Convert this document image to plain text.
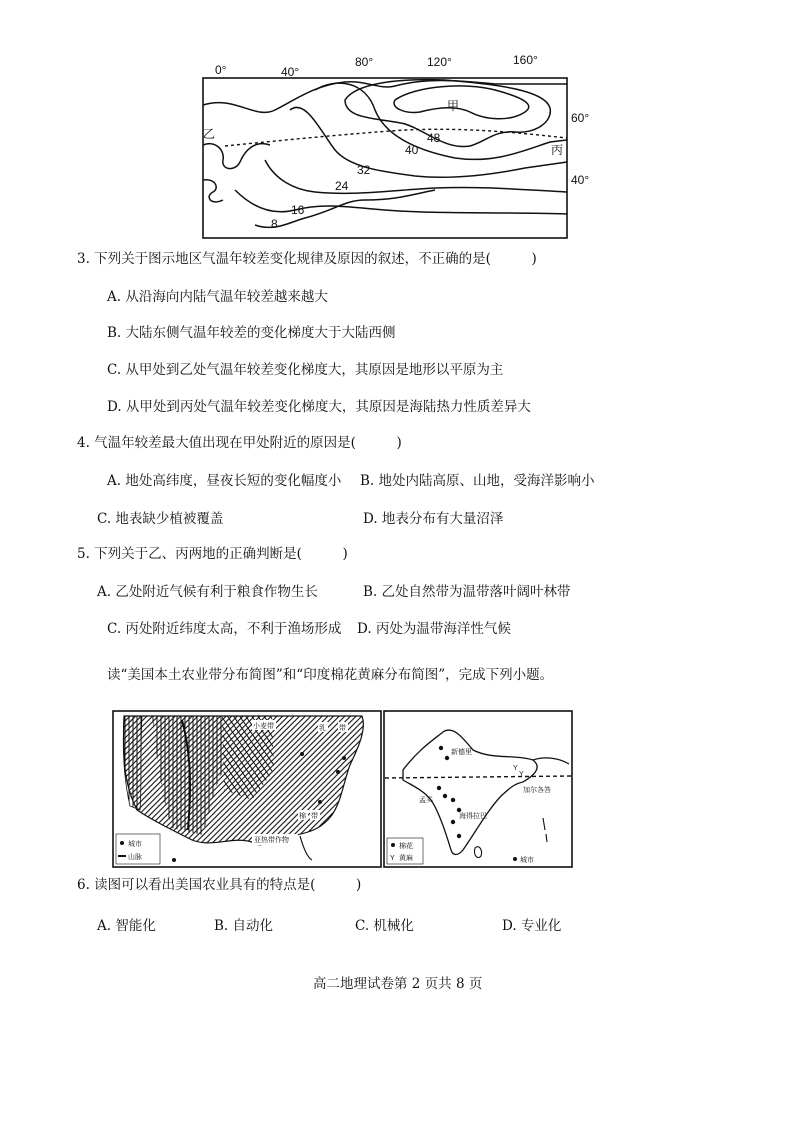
0°	40°
80°	120°	160°
60°
40°
甲
乙
丙
48
40
32
24
16
8
3. 下列关于图示地区气温年较差变化规律及原因的叙述，不正确的是(　　　)
A. 从沿海向内陆气温年较差越来越大
B. 大陆东侧气温年较差的变化梯度大于大陆西侧
C. 从甲处到乙处气温年较差变化梯度大，其原因是地形以平原为主
D. 从甲处到丙处气温年较差变化梯度大，其原因是海陆热力性质差异大
4. 气温年较差最大值出现在甲处附近的原因是(　　　)
A. 地处高纬度，昼夜长短的变化幅度小 B. 地处内陆高原、山地，受海洋影响小
C. 地表缺少植被覆盖	D. 地表分布有大量沼泽
5. 下列关于乙、丙两地的正确判断是(　　　)
A. 乙处附近气候有利于粮食作物生长	B. 乙处自然带为温带落叶阔叶林带
C. 丙处附近纬度太高，不利于渔场形成 D. 丙处为温带海洋性气候
读“美国本土农业带分布简图”和“印度棉花黄麻分布简图”，完成下列小题。
小麦带	乳 带
棉 带
亚热带作物
城市
山脉
Y
Y
新德里
加尔各答
孟买
海得拉巴
棉花
Y 黄麻	城市
6. 读图可以看出美国农业具有的特点是(　　　)
A. 智能化	B. 自动化	C. 机械化	D. 专业化
高二地理试卷第 2 页共 8 页
